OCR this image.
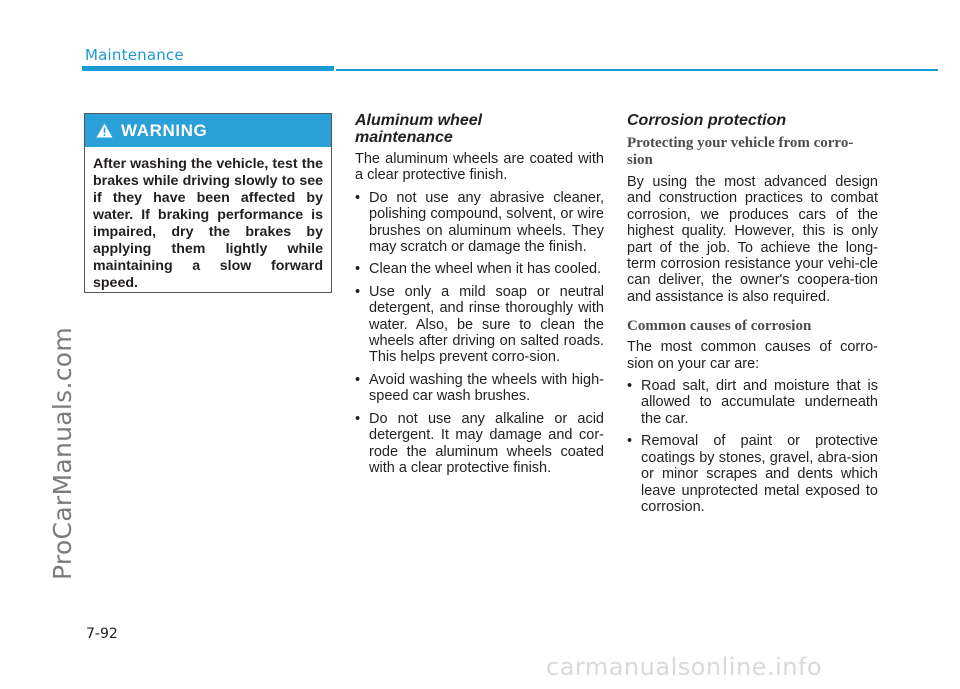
Maintenance
ProCarManuals.com
WARNING
After washing the vehicle, test the brakes while driving slowly to see if they have been affected by water. If braking performance is impaired, dry the brakes by applying them lightly while maintaining a slow forward speed.
Aluminum wheel maintenance

The aluminum wheels are coated with a clear protective finish.

• Do not use any abrasive cleaner, polishing compound, solvent, or wire brushes on aluminum wheels. They may scratch or damage the finish.
• Clean the wheel when it has cooled.
• Use only a mild soap or neutral detergent, and rinse thoroughly with water. Also, be sure to clean the wheels after driving on salted roads. This helps prevent corro-sion.
• Avoid washing the wheels with high-speed car wash brushes.
• Do not use any alkaline or acid detergent. It may damage and cor-rode the aluminum wheels coated with a clear protective finish.
Corrosion protection
Protecting your vehicle from corro-sion

By using the most advanced design and construction practices to combat corrosion, we produces cars of the highest quality. However, this is only part of the job. To achieve the long-term corrosion resistance your vehi-cle can deliver, the owner's coopera-tion and assistance is also required.

Common causes of corrosion

The most common causes of corro-sion on your car are:

• Road salt, dirt and moisture that is allowed to accumulate underneath the car.
• Removal of paint or protective coatings by stones, gravel, abra-sion or minor scrapes and dents which leave unprotected metal exposed to corrosion.
7-92
carmanualsonline.info
